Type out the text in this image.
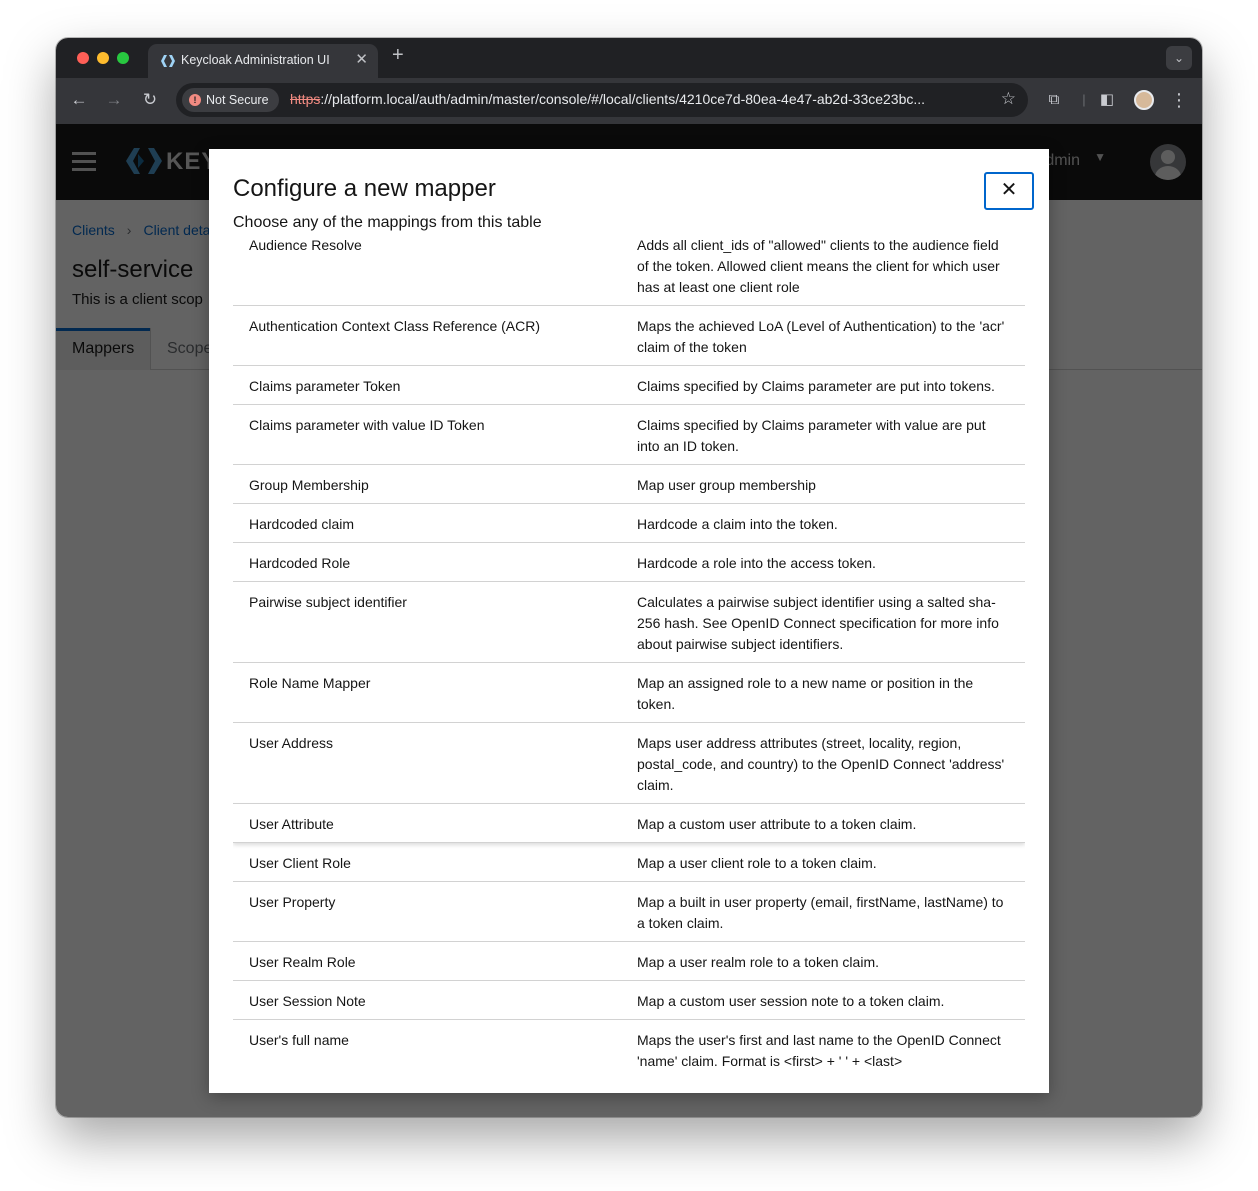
Keycloak Administration UI ✕ +	⌄
← → ↻	! Not Secure	https://platform.local/auth/admin/master/console/#/local/clients/4210ce7d-80ea-4e47-ab2d-33ce23bc...	☆	⧉	| ◧	⋮
Configure a new mapper
Choose any of the mappings from this table
✕
Audience Resolve	Adds all client_ids of "allowed" clients to the audience field of the token. Allowed client means the client for which user has at least one client role
Authentication Context Class Reference (ACR)	Maps the achieved LoA (Level of Authentication) to the 'acr' claim of the token
Claims parameter Token	Claims specified by Claims parameter are put into tokens.
Claims parameter with value ID Token	Claims specified by Claims parameter with value are put into an ID token.
Group Membership	Map user group membership
Hardcoded claim	Hardcode a claim into the token.
Hardcoded Role	Hardcode a role into the access token.
Pairwise subject identifier	Calculates a pairwise subject identifier using a salted sha-256 hash. See OpenID Connect specification for more info about pairwise subject identifiers.
Role Name Mapper	Map an assigned role to a new name or position in the token.
User Address	Maps user address attributes (street, locality, region, postal_code, and country) to the OpenID Connect 'address' claim.
User Attribute	Map a custom user attribute to a token claim.
User Client Role	Map a user client role to a token claim.
User Property	Map a built in user property (email, firstName, lastName) to a token claim.
User Realm Role	Map a user realm role to a token claim.
User Session Note	Map a custom user session note to a token claim.
User's full name	Maps the user's first and last name to the OpenID Connect 'name' claim. Format is <first> + ' ' + <last>
